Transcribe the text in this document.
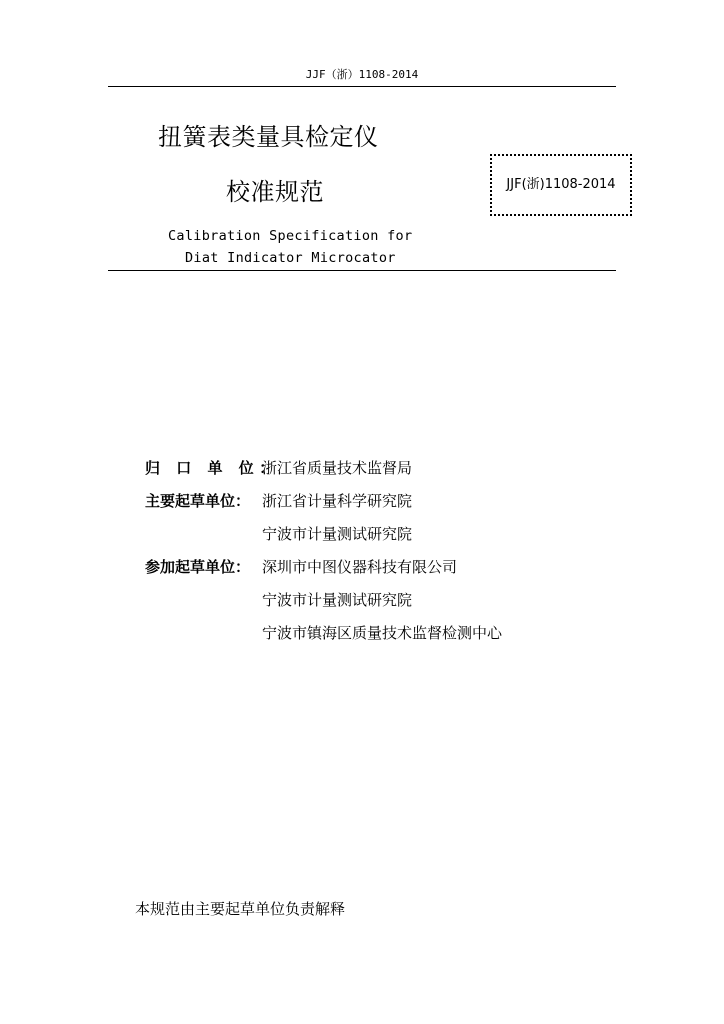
JJF（浙）1108-2014
扭簧表类量具检定仪
校准规范	JJF(浙)1108-2014
Calibration Specification for
Diat Indicator Microcator
归 口 单 位：
浙江省质量技术监督局
主要起草单位： 浙江省计量科学研究院
宁波市计量测试研究院
参加起草单位： 深圳市中图仪器科技有限公司
宁波市计量测试研究院
宁波市镇海区质量技术监督检测中心
本规范由主要起草单位负责解释
